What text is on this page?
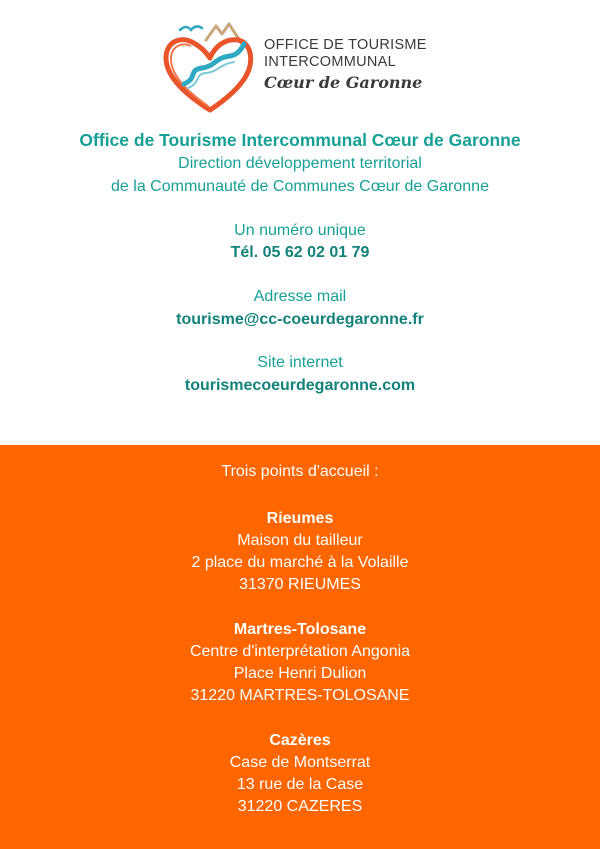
OFFICE DE TOURISME
INTERCOMMUNAL
Cœur de Garonne
Office de Tourisme Intercommunal Cœur de Garonne
Direction développement territorial
de la Communauté de Communes Cœur de Garonne
Un numéro unique
Tél. 05 62 02 01 79
Adresse mail
tourisme@cc-coeurdegaronne.fr
Site internet
tourismecoeurdegaronne.com
Trois points d'accueil :
Rieumes
Maison du tailleur
2 place du marché à la Volaille
31370 RIEUMES
Martres-Tolosane
Centre d'interprétation Angonia
Place Henri Dulion
31220 MARTRES-TOLOSANE
Cazères
Case de Montserrat
13 rue de la Case
31220 CAZERES
